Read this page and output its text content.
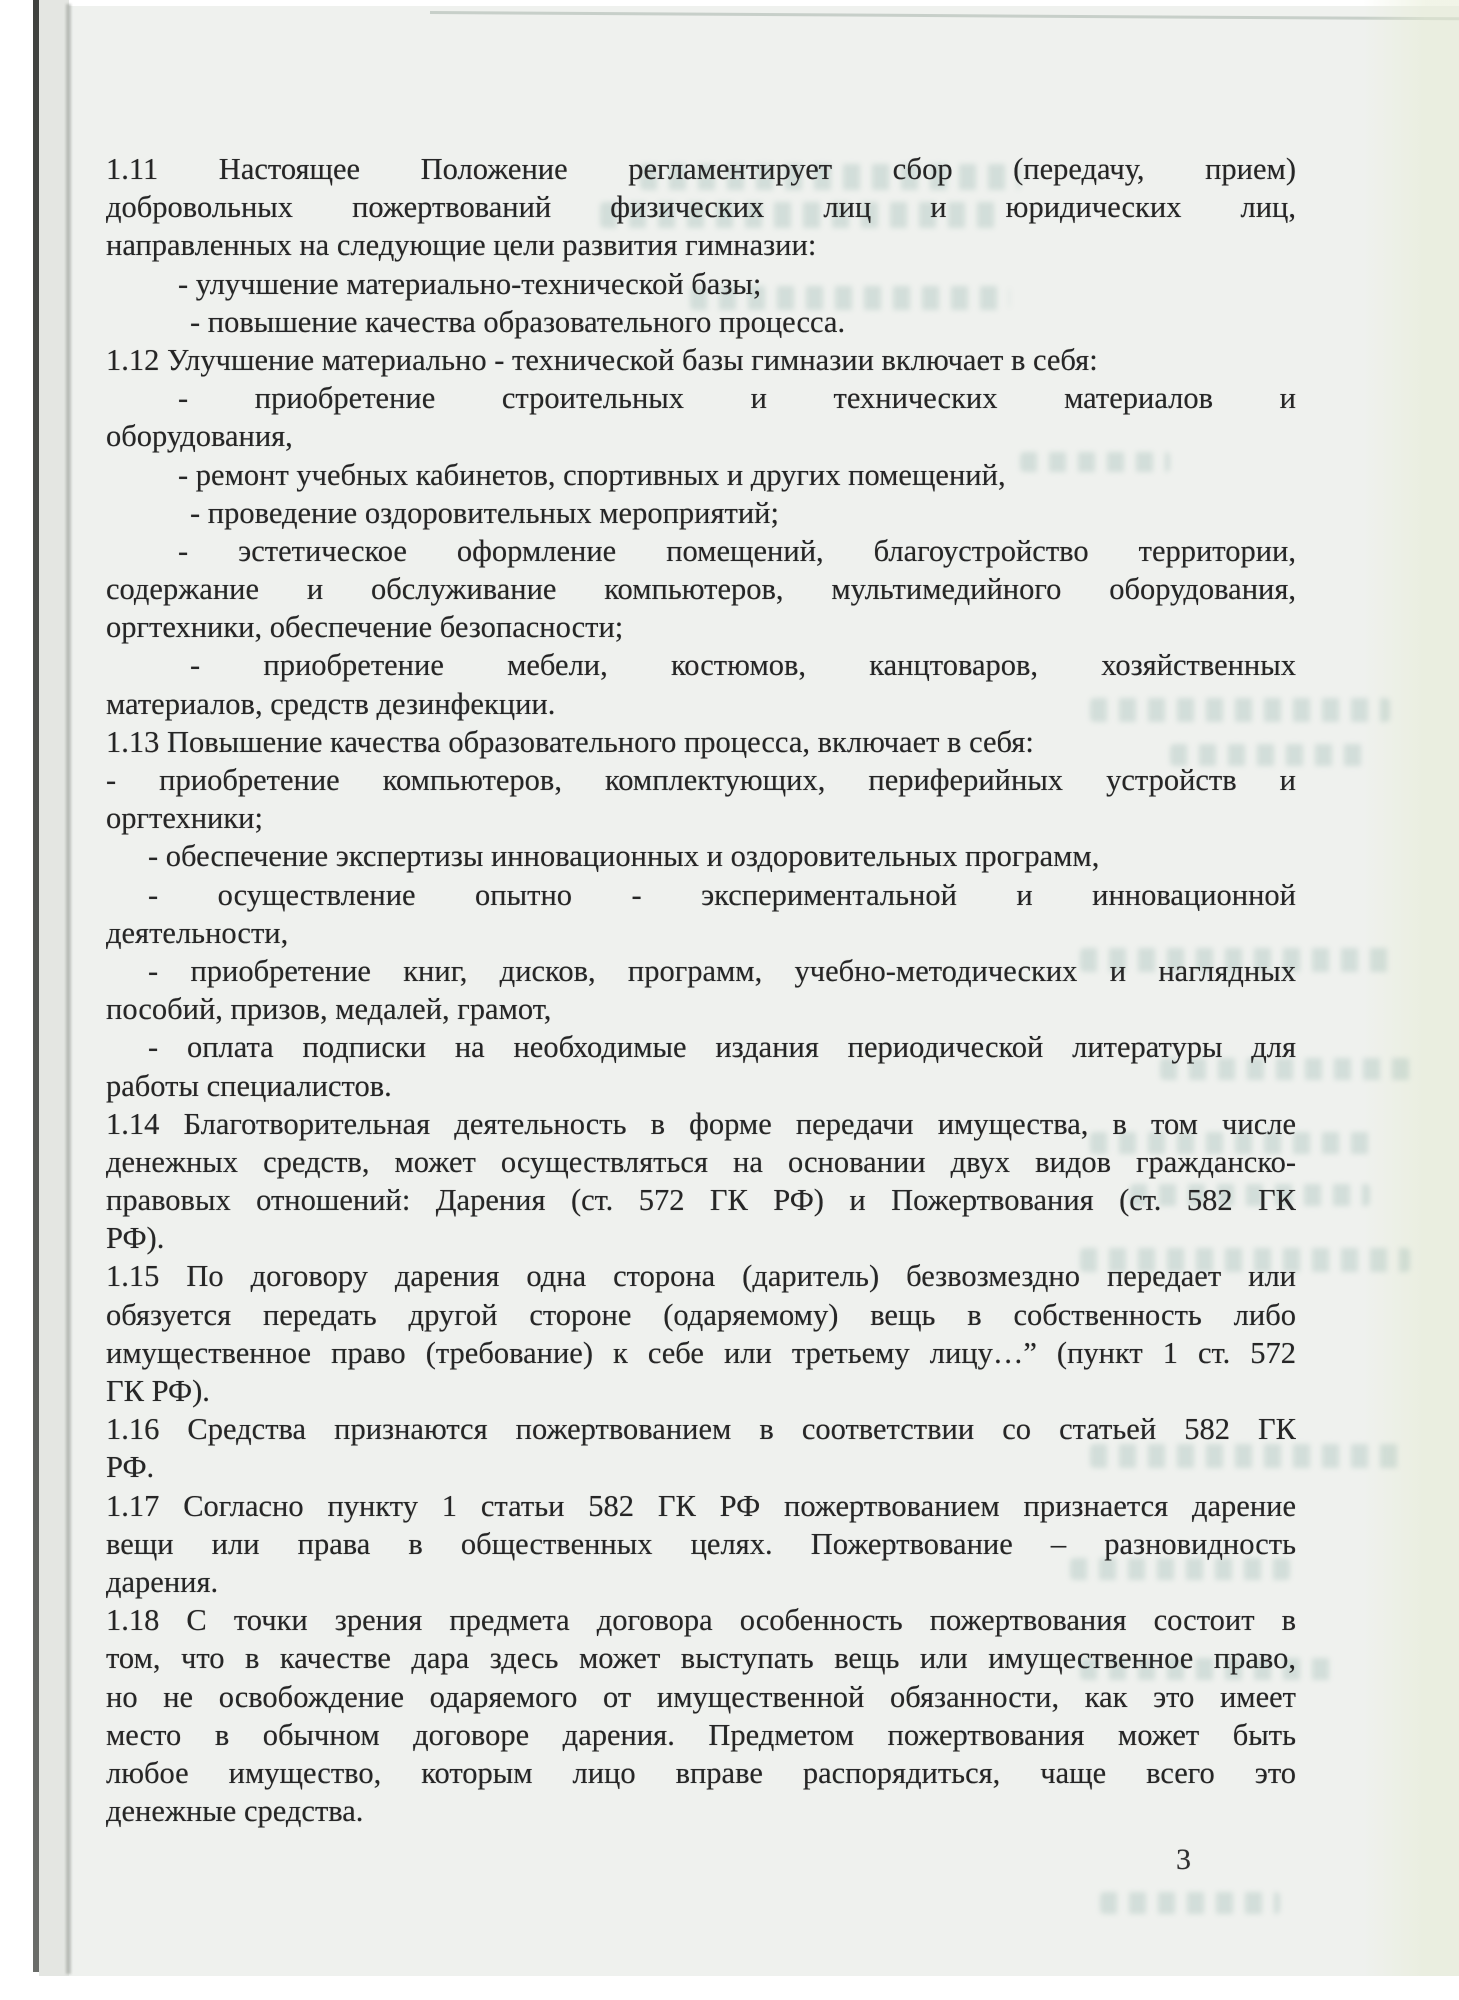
1.11 Настоящее Положение регламентирует сбор (передачу, прием)
добровольных пожертвований физических лиц и юридических лиц,
направленных на следующие цели развития гимназии:
- улучшение материально-технической базы;
- повышение качества образовательного процесса.
1.12 Улучшение материально - технической базы гимназии включает в себя:
- приобретение строительных и технических материалов и
оборудования,
- ремонт учебных кабинетов, спортивных и других помещений,
- проведение оздоровительных мероприятий;
- эстетическое оформление помещений, благоустройство территории,
содержание и обслуживание компьютеров, мультимедийного оборудования,
оргтехники, обеспечение безопасности;
- приобретение мебели, костюмов, канцтоваров, хозяйственных
материалов, средств дезинфекции.
1.13 Повышение качества образовательного процесса, включает в себя:
- приобретение компьютеров, комплектующих, периферийных устройств и
оргтехники;
- обеспечение экспертизы инновационных и оздоровительных программ,
- осуществление опытно - экспериментальной и инновационной
деятельности,
- приобретение книг, дисков, программ, учебно-методических и наглядных
пособий, призов, медалей, грамот,
- оплата подписки на необходимые издания периодической литературы для
работы специалистов.
1.14 Благотворительная деятельность в форме передачи имущества, в том числе
денежных средств, может осуществляться на основании двух видов гражданско-
правовых отношений: Дарения (ст. 572 ГК РФ) и Пожертвования (ст. 582 ГК
РФ).
1.15 По договору дарения одна сторона (даритель) безвозмездно передает или
обязуется передать другой стороне (одаряемому) вещь в собственность либо
имущественное право (требование) к себе или третьему лицу…” (пункт 1 ст. 572
ГК РФ).
1.16 Средства признаются пожертвованием в соответствии со статьей 582 ГК
РФ.
1.17 Согласно пункту 1 статьи 582 ГК РФ пожертвованием признается дарение
вещи или права в общественных целях. Пожертвование – разновидность
дарения.
1.18 С точки зрения предмета договора особенность пожертвования состоит в
том, что в качестве дара здесь может выступать вещь или имущественное право,
но не освобождение одаряемого от имущественной обязанности, как это имеет
место в обычном договоре дарения. Предметом пожертвования может быть
любое имущество, которым лицо вправе распорядиться, чаще всего это
денежные средства.
3
